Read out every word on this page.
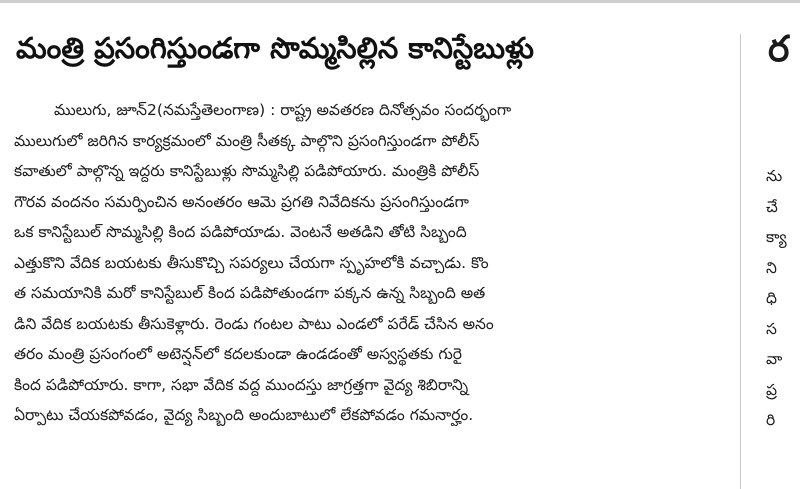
మంత్రి ప్రసంగిస్తుండగా సొమ్మసిల్లిన కానిస్టేబుళ్లు
ములుగు, జూన్2(నమస్తేతెలంగాణ) : రాష్ట్ర అవతరణ దినోత్సవం సందర్భంగా
ములుగులో జరిగిన కార్యక్రమంలో మంత్రి సీతక్క పాల్గొని ప్రసంగిస్తుండగా పోలీస్
కవాతులో పాల్గొన్న ఇద్దరు కానిస్టేబుళ్లు సొమ్మసిల్లి పడిపోయారు. మంత్రికి పోలీస్
గౌరవ వందనం సమర్పించిన అనంతరం ఆమె ప్రగతి నివేదికను ప్రసంగిస్తుండగా
ఒక కానిస్టేబుల్ సొమ్మసిల్లి కింద పడిపోయాడు. వెంటనే అతడిని తోటి సిబ్బంది
ఎత్తుకొని వేదిక బయటకు తీసుకొచ్చి సపర్యలు చేయగా స్పృహలోకి వచ్చాడు. కొం
త సమయానికి మరో కానిస్టేబుల్ కింద పడిపోతుండగా పక్కన ఉన్న సిబ్బంది అత
డిని వేదిక బయటకు తీసుకెళ్లారు. రెండు గంటల పాటు ఎండలో పరేడ్ చేసిన అనం
తరం మంత్రి ప్రసంగంలో అటెన్షన్‌లో కదలకుండా ఉండడంతో అస్వస్థతకు గురై
కింద పడిపోయారు. కాగా, సభా వేదిక వద్ద ముందస్తు జాగ్రత్తగా వైద్య శిబిరాన్ని
ఏర్పాటు చేయకపోవడం, వైద్య సిబ్బంది అందుబాటులో లేకపోవడం గమనార్హం.
ర
ను
చే
క్యా
ని
ధి
స
వా
ప్ర
రి
